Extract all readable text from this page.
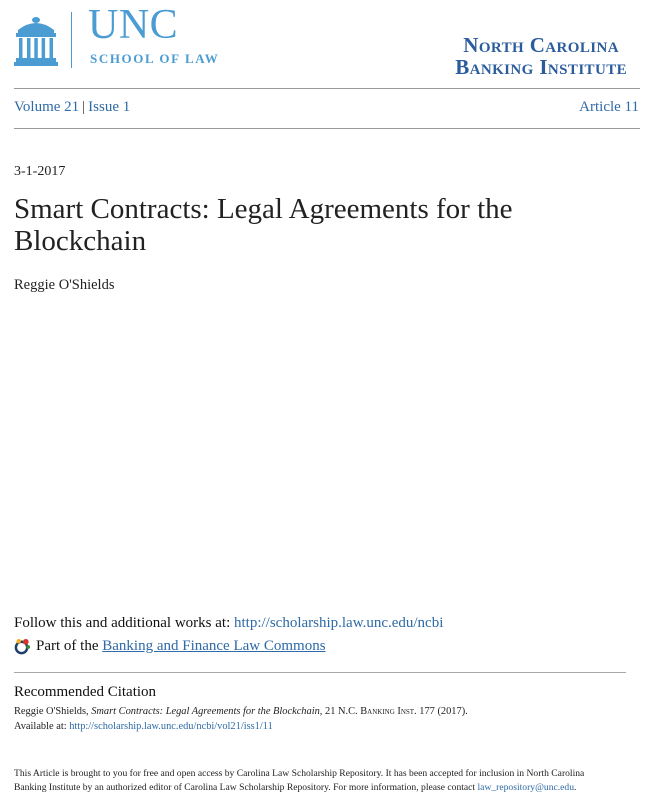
UNC
SCHOOL OF LAW
North Carolina
Banking Institute
Volume 21 | Issue 1	Article 11
3-1-2017
Smart Contracts: Legal Agreements for the Blockchain
Reggie O'Shields
Follow this and additional works at: http://scholarship.law.unc.edu/ncbi
Part of the
Banking and Finance Law Commons
Recommended Citation
Reggie O'Shields, Smart Contracts: Legal Agreements for the Blockchain, 21 N.C. Banking Inst. 177 (2017).
Available at: http://scholarship.law.unc.edu/ncbi/vol21/iss1/11
This Article is brought to you for free and open access by Carolina Law Scholarship Repository. It has been accepted for inclusion in North Carolina Banking Institute by an authorized editor of Carolina Law Scholarship Repository. For more information, please contact law_repository@unc.edu.
